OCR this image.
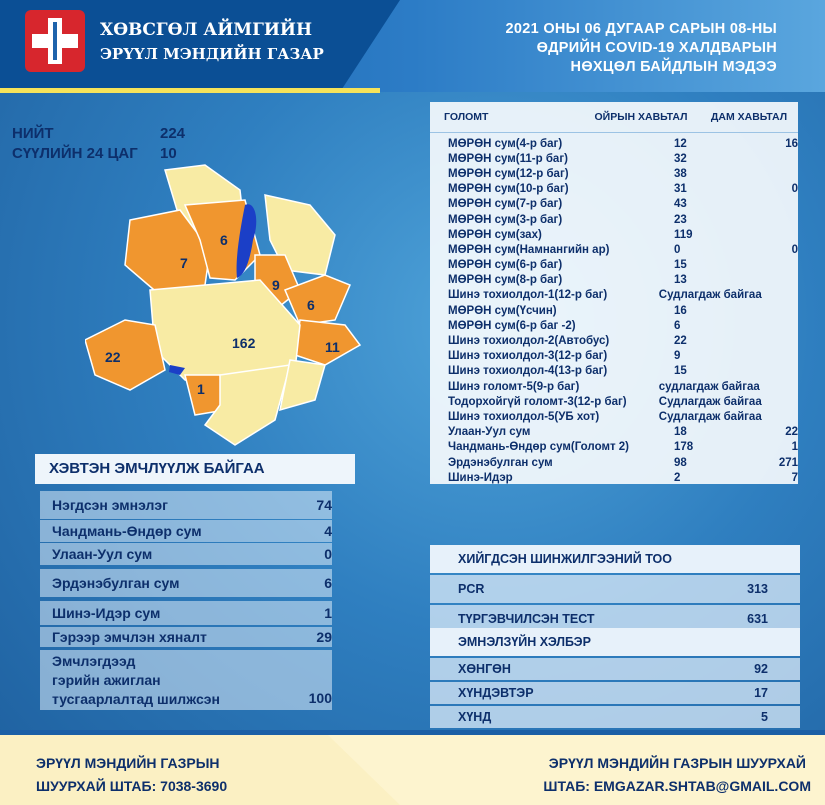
ХӨВСГӨЛ АЙМГИЙН
ЭРҮҮЛ МЭНДИЙН ГАЗАР
2021 ОНЫ 06 ДУГААР САРЫН 08-НЫ
ӨДРИЙН COVID-19 ХАЛДВАРЫН
НӨХЦӨЛ БАЙДЛЫН МЭДЭЭ
НИЙТ	224
СҮҮЛИЙН 24 ЦАГ	10
6
7
9
6
22
162	11
1
ГОЛОМТ	ОЙРЫН ХАВЬТАЛ	ДАМ ХАВЬТАЛ
МӨРӨН сум(4-р баг)	12	16
МӨРӨН сум(11-р баг)	32
МӨРӨН сум(12-р баг)	38
МӨРӨН сум(10-р баг)	31	0
МӨРӨН сум(7-р баг)	43
МӨРӨН сум(3-р баг)	23
МӨРӨН сум(зах)	119
МӨРӨН сум(Намнангийн ар)	0	0
МӨРӨН сум(6-р баг)	15
МӨРӨН сум(8-р баг)	13
Шинэ тохиолдол-1(12-р баг)	Судлагдаж байгаа
МӨРӨН сум(Үсчин)	16
МӨРӨН сум(6-р баг -2)	6
Шинэ тохиолдол-2(Автобус)	22
Шинэ тохиолдол-3(12-р баг)	9
Шинэ тохиолдол-4(13-р баг)	15
Шинэ голомт-5(9-р баг)	судлагдаж байгаа
Тодорхойгүй голомт-3(12-р баг)	Судлагдаж байгаа
Шинэ тохиолдол-5(УБ хот)	Судлагдаж байгаа
Улаан-Уул сум	18	22
Чандмань-Өндөр сум(Голомт 2)	178	1
Эрдэнэбулган сум	98	271
Шинэ-Идэр	2	7
ХЭВТЭН ЭМЧЛҮҮЛЖ БАЙГАА
Нэгдсэн эмнэлэг	74
Чандмань-Өндөр сум	4
Улаан-Уул сум	0
Эрдэнэбулган сум	6
Шинэ-Идэр сум	1
Гэрээр эмчлэн хяналт	29
Эмчлэгдээд
гэрийн ажиглан
тусгаарлалтад шилжсэн	100
ХИЙГДСЭН ШИНЖИЛГЭЭНИЙ ТОО
PCR	313
ТҮРГЭВЧИЛСЭН ТЕСТ	631
ЭМНЭЛЗҮЙН ХЭЛБЭР
ХӨНГӨН	92
ХҮНДЭВТЭР	17
ХҮНД	5
ЭРҮҮЛ МЭНДИЙН ГАЗРЫН
ШУУРХАЙ ШТАБ: 7038-3690
ЭРҮҮЛ МЭНДИЙН ГАЗРЫН ШУУРХАЙ
ШТАБ: EMGAZAR.SHTAB@GMAIL.COM
